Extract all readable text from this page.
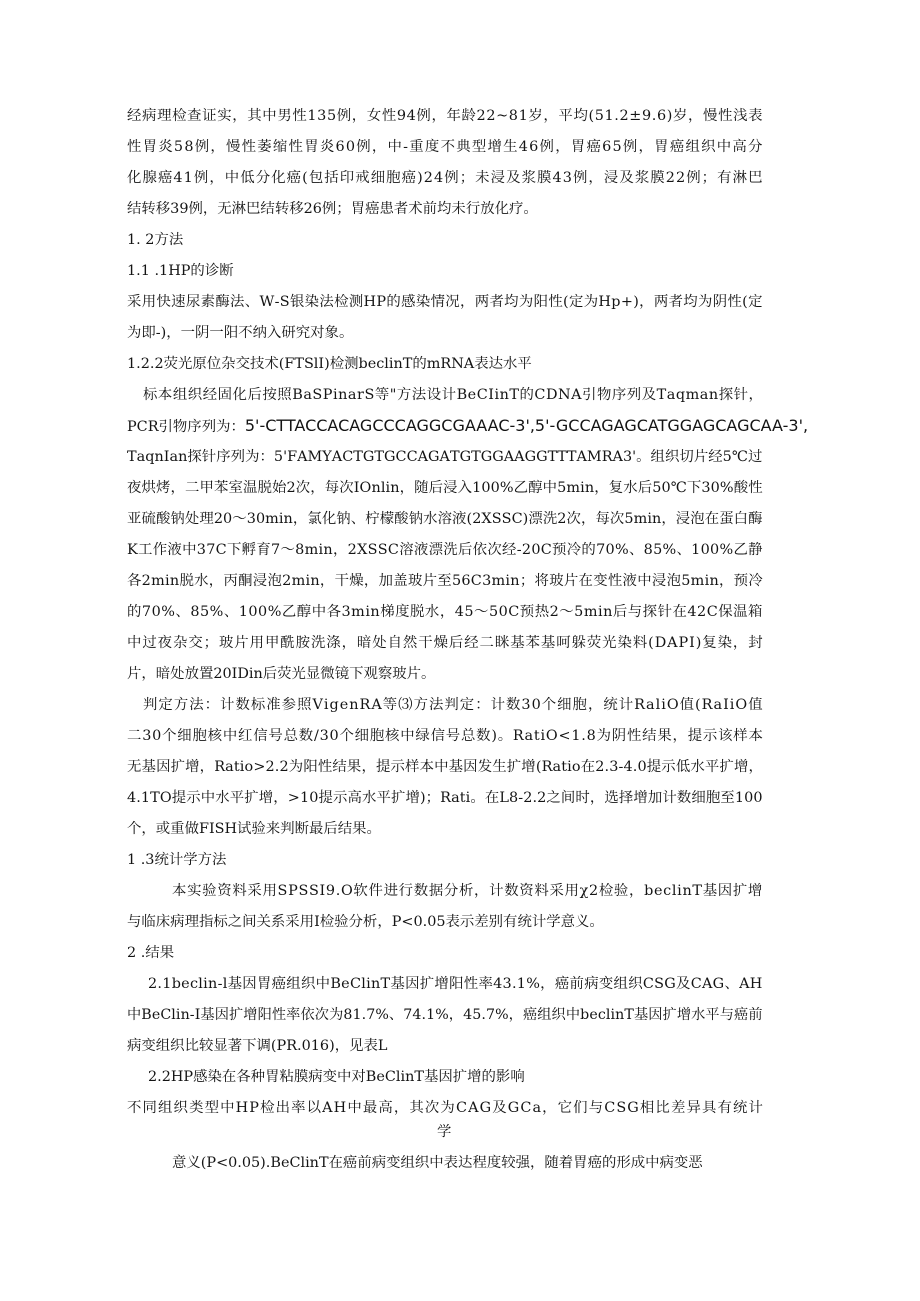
经 病 理 检 查 证 实 ， 其 中 男 性 1 3 5 例 ， 女 性 9 4 例 ， 年 龄 2 2 ~ 8 1 岁 ， 平 均 ( 5 1 . 2 ± 9 . 6 ) 岁 ， 慢 性 浅 表
性 胃 炎 5 8 例 ， 慢 性 萎 缩 性 胃 炎 6 0 例 ， 中 - 重 度 不 典 型 增 生 4 6 例 ， 胃 癌 6 5 例 ， 胃 癌 组 织 中 高 分
化 腺 癌 4 1 例 ， 中 低 分 化 癌 ( 包 括 印 戒 细 胞 癌 ) 2 4 例 ； 未 浸 及 浆 膜 4 3 例 ， 浸 及 浆 膜 2 2 例 ； 有 淋 巴
结转移39例，无淋巴结转移26例；胃癌患者术前均未行放化疗。
1. 2方法
1.1 .1HP的诊断
采 用 快 速 尿 素 酶 法 、 W - S 银 染 法 检 测 H P 的 感 染 情 况 ， 两 者 均 为 阳 性 ( 定 为 H p + ) ， 两 者 均 为 阴 性 ( 定
为即-)，一阴一阳不纳入研究对象。
1.2.2荧光原位杂交技术(FTSlI)检测beclinT的mRNA表达水平
标 本 组 织 经 固 化 后 按 照 B a S P i n a r S 等 " 方 法 设 计 B e C I i n T 的 C D N A 引 物 序 列 及 T a q m a n 探 针 ，
PCR引物序列为：5'-CTTACCACAGCCCAGGCGAAAC-3',5'-GCCAGAGCATGGAGCAGCAA-3',
T a q n I a n 探 针 序 列 为 ： 5 ' F A M Y A C T G T G C C A G A T G T G G A A G G T T T A M R A 3 ' 。 组 织 切 片 经 5 ℃ 过
夜 烘 烤 ， 二 甲 苯 室 温 脱 始 2 次 ， 每 次 I O n l i n ， 随 后 浸 入 1 0 0 % 乙 醇 中 5 m i n ， 复 水 后 5 0 ℃ 下 3 0 % 酸 性
亚 硫 酸 钠 处 理 2 0 ～ 3 0 m i n ， 氯 化 钠 、 柠 檬 酸 钠 水 溶 液 ( 2 X S S C ) 漂 洗 2 次 ， 每 次 5 m i n ， 浸 泡 在 蛋 白 酶
K 工 作 液 中 3 7 C 下 孵 育 7 ～ 8 m i n ， 2 X S S C 溶 液 漂 洗 后 依 次 经 - 2 0 C 预 冷 的 7 0 % 、 8 5 % 、 1 0 0 % 乙 静
各 2 m i n 脱 水 ， 丙 酮 浸 泡 2 m i n ， 干 燥 ， 加 盖 玻 片 至 5 6 C 3 m i n ； 将 玻 片 在 变 性 液 中 浸 泡 5 m i n ， 预 冷
的 7 0 % 、 8 5 % 、 1 0 0 % 乙 醇 中 各 3 m i n 梯 度 脱 水 ， 4 5 ～ 5 0 C 预 热 2 ～ 5 m i n 后 与 探 针 在 4 2 C 保 温 箱
中 过 夜 杂 交 ； 玻 片 用 甲 酰 胺 洗 涤 ， 暗 处 自 然 干 燥 后 经 二 眯 基 苯 基 呵 躲 荧 光 染 料 ( D A P I ) 复 染 ， 封
片，暗处放置20IDin后荧光显微镜下观察玻片。
判 定 方 法 ： 计 数 标 准 参 照 V i g e n R A 等 ⑶ 方 法 判 定 ： 计 数 3 0 个 细 胞 ， 统 计 R a l i O 值 ( R a I i O 值
二 3 0 个 细 胞 核 中 红 信 号 总 数 / 3 0 个 细 胞 核 中 绿 信 号 总 数 ) 。 R a t i O < 1 . 8 为 阴 性 结 果 ， 提 示 该 样 本
无 基 因 扩 增 ， R a t i o > 2 . 2 为 阳 性 结 果 ， 提 示 样 本 中 基 因 发 生 扩 增 ( R a t i o 在 2 . 3 - 4 . 0 提 示 低 水 平 扩 增 ，
4 . 1 T O 提 示 中 水 平 扩 增 ， > 1 0 提 示 高 水 平 扩 增 ) ； R a t i 。 在 L 8 - 2 . 2 之 间 时 ， 选 择 增 加 计 数 细 胞 至 1 0 0
个，或重做FISH试验来判断最后结果。
1 .3统计学方法
本 实 验 资 料 采 用 S P S S I 9 . O 软 件 进 行 数 据 分 析 ， 计 数 资 料 采 用 χ 2 检 验 ， b e c l i n T 基 因 扩 增
与临床病理指标之间关系采用I检验分析，P<0.05表示差别有统计学意义。
2 .结果
2 . 1 b e c l i n - l 基 因 胃 癌 组 织 中 B e C l i n T 基 因 扩 增 阳 性 率 4 3 . 1 % ， 癌 前 病 变 组 织 C S G 及 C A G 、 A H
中 B e C l i n - I 基 因 扩 增 阳 性 率 依 次 为 8 1 . 7 % 、 7 4 . 1 % ， 4 5 . 7 % ， 癌 组 织 中 b e c l i n T 基 因 扩 增 水 平 与 癌 前
病变组织比较显著下调(PR.016)，见表L
2.2HP感染在各种胃粘膜病变中对BeClinT基因扩增的影响
不 同 组 织 类 型 中 H P 检 出 率 以 A H 中 最 高 ， 其 次 为 C A G 及 G C a ， 它 们 与 C S G 相 比 差 异 具 有 统 计
学
意义(P<0.05).BeClinT在癌前病变组织中表达程度较强，随着胃癌的形成中病变恶
